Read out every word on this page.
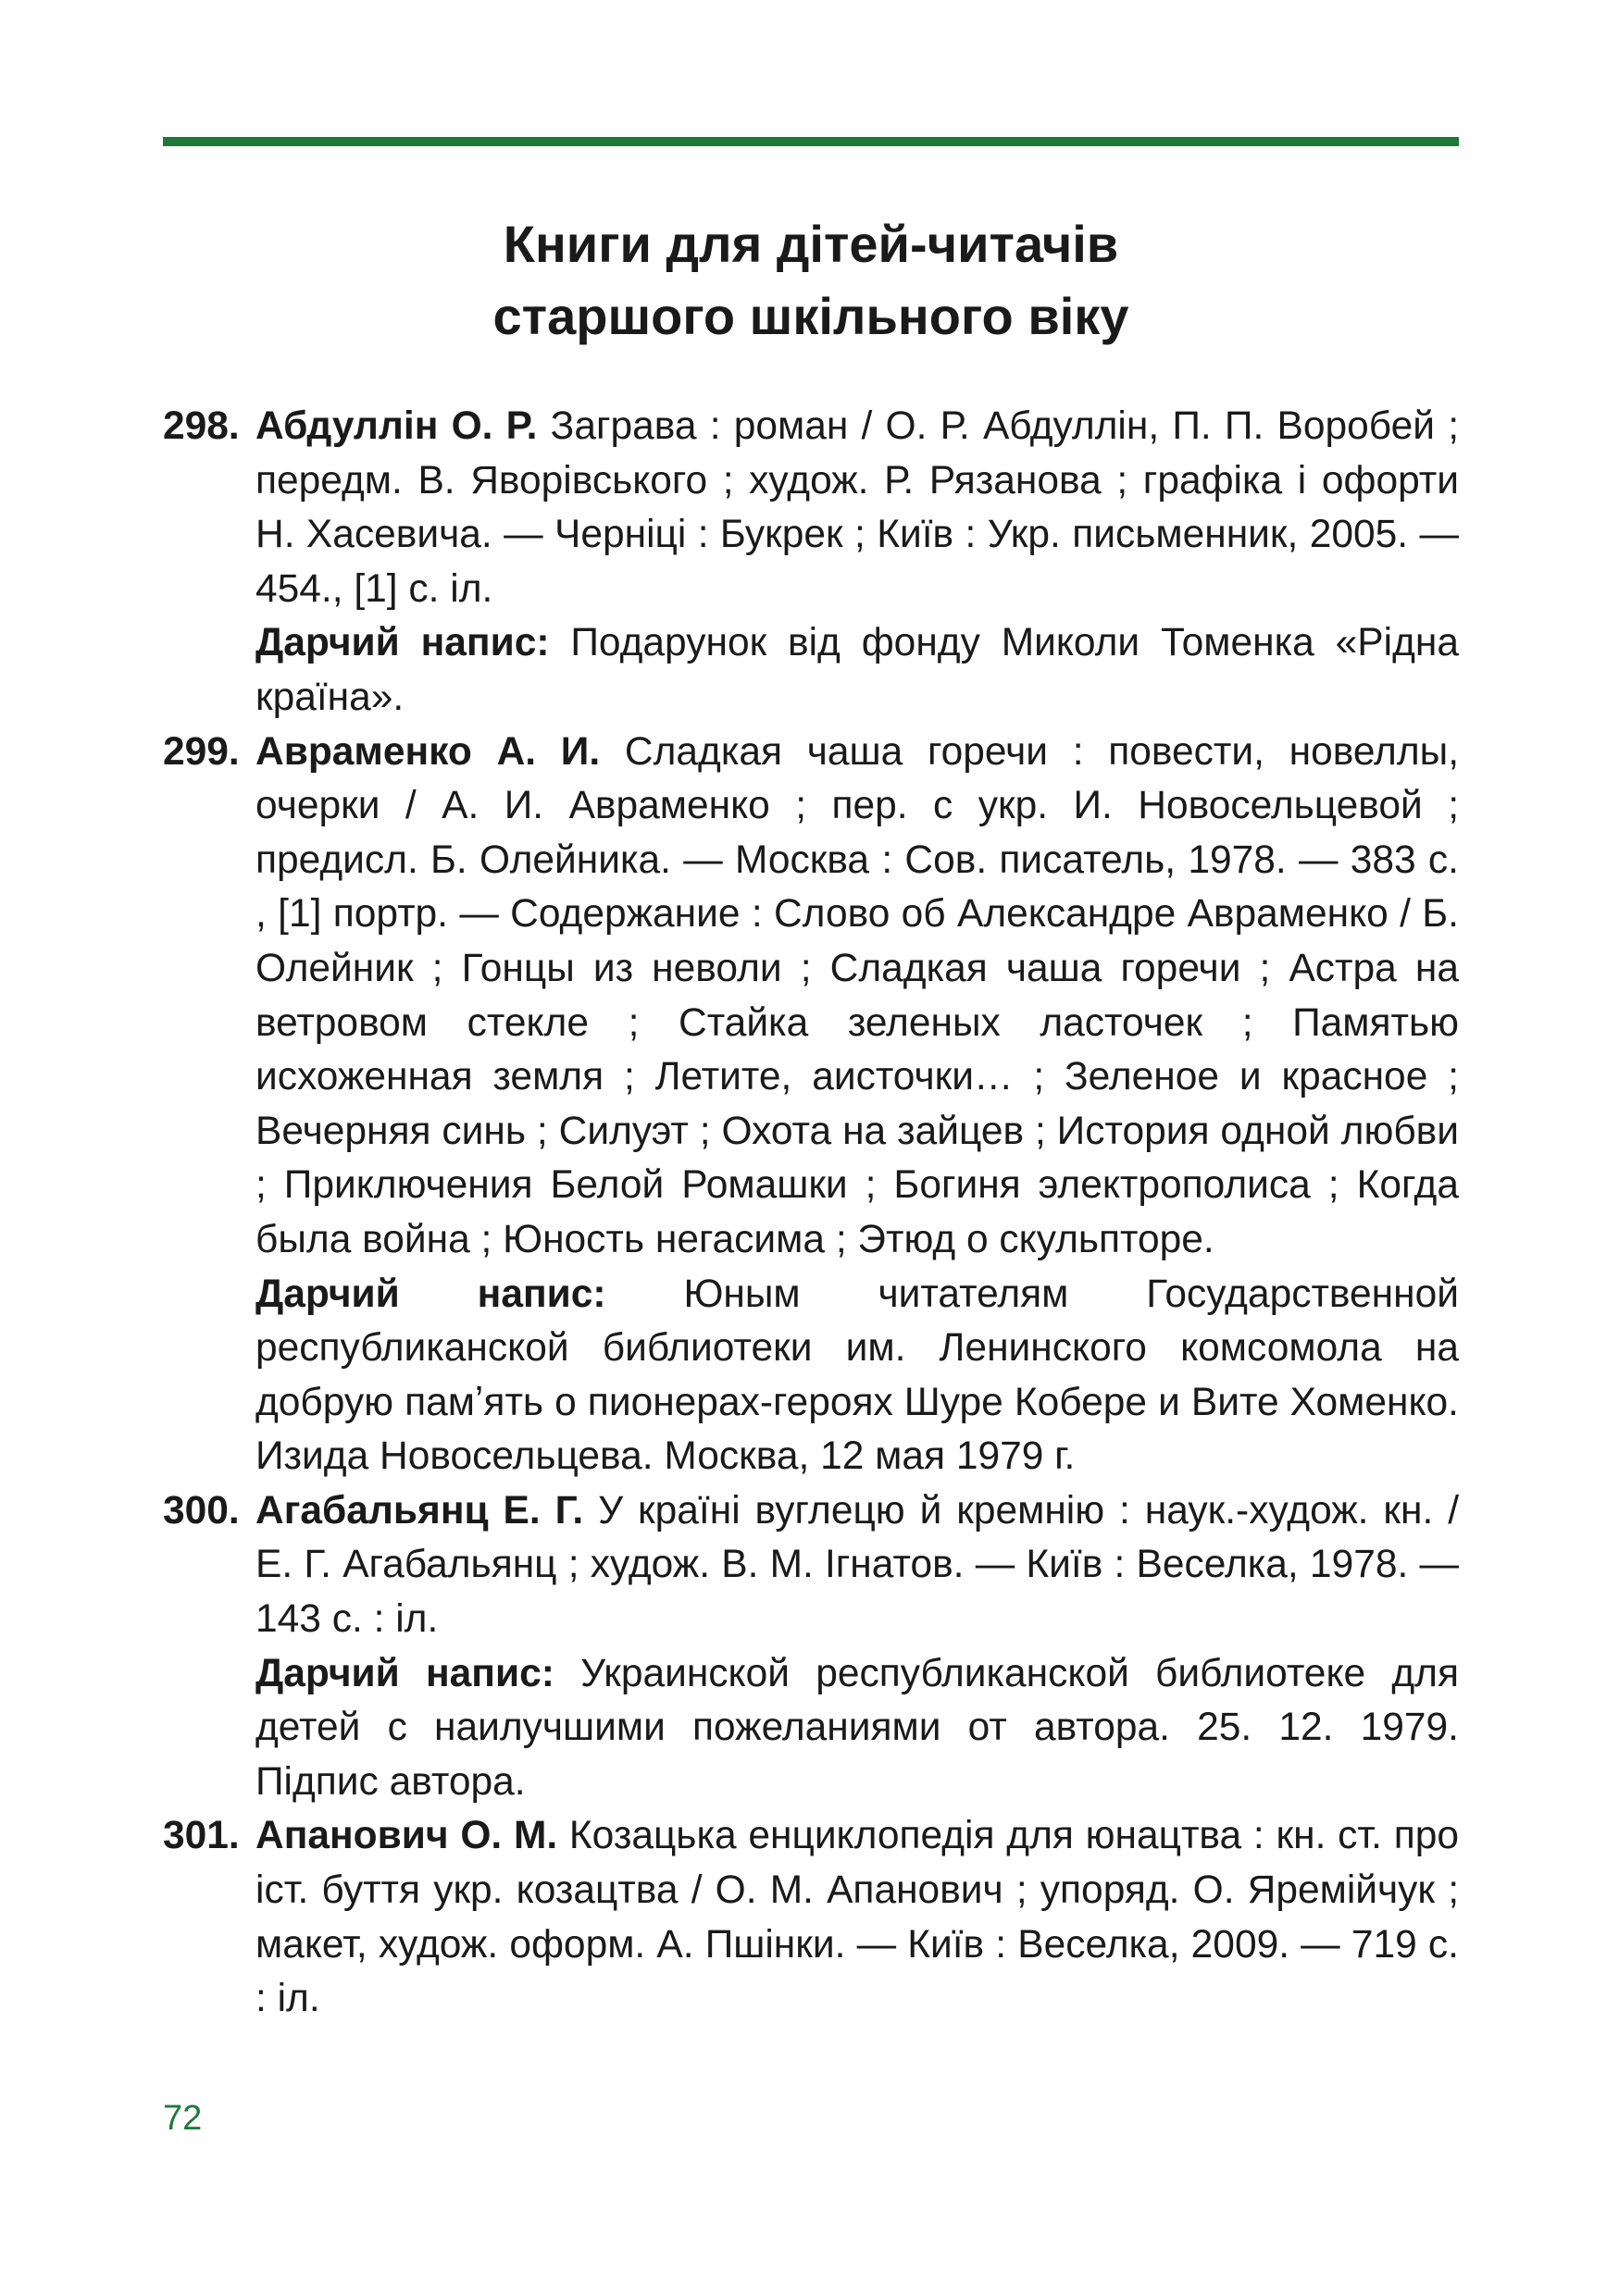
Книги для дітей-читачів
старшого шкільного віку
298. Абдуллін О. Р. Заграва : роман / О. Р. Абдуллін, П. П. Воробей ; передм. В. Яворівського ; худож. Р. Рязанова ; графіка і офорти Н. Хасевича. — Черніці : Букрек ; Київ : Укр. письменник, 2005. — 454., [1] с. іл.
Дарчий напис: Подарунок від фонду Миколи Томенка «Рідна країна».
299. Авраменко А. И. Сладкая чаша горечи : повести, новеллы, очерки / А. И. Авраменко ; пер. с укр. И. Новосельцевой ; предисл. Б. Олейника. — Москва : Сов. писатель, 1978. — 383 с. , [1] портр. — Содержание : Слово об Александре Авраменко / Б. Олейник ; Гонцы из неволи ; Сладкая чаша горечи ; Астра на ветровом стекле ; Стайка зеленых ласточек ; Памятью исхоженная земля ; Летите, аисточки… ; Зеленое и красное ; Вечерняя синь ; Силуэт ; Охота на зайцев ; История одной любви ; Приключения Белой Ромашки ; Богиня электрополиса ; Когда была война ; Юность негасима ; Этюд о скульпторе.
Дарчий напис: Юным читателям Государственной республиканской библиотеки им. Ленинского комсомола на добрую памʼять о пионерах-героях Шуре Кобере и Вите Хоменко. Изида Новосельцева. Москва, 12 мая 1979 г.
300. Агабальянц Е. Г. У країні вуглецю й кремнію : наук.-худож. кн. / Е. Г. Агабальянц ; худож. В. М. Ігнатов. — Київ : Веселка, 1978. — 143 с. : іл.
Дарчий напис: Украинской республиканской библиотеке для детей с наилучшими пожеланиями от автора. 25. 12. 1979. Підпис автора.
301. Апанович О. М. Козацька енциклопедія для юнацтва : кн. ст. про іст. буття укр. козацтва / О. М. Апанович ; упоряд. О. Яремійчук ; макет, худож. оформ. А. Пшінки. — Київ : Веселка, 2009. — 719 с. : іл.
72
